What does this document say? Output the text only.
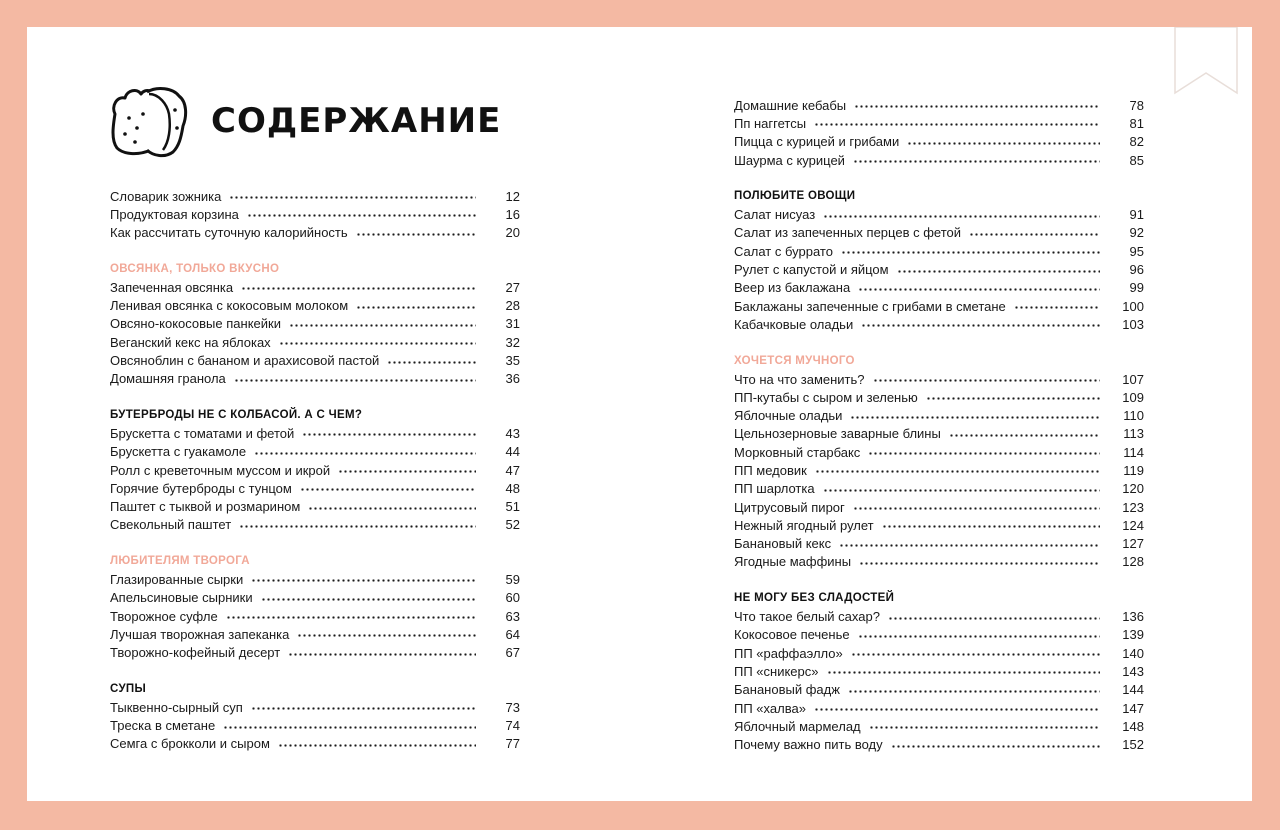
СОДЕРЖАНИЕ
Словарик зожника	12
Продуктовая корзина	16
Как рассчитать суточную калорийность	20
ОВСЯНКА, ТОЛЬКО ВКУСНО
Запеченная овсянка	27
Ленивая овсянка с кокосовым молоком	28
Овсяно-кокосовые панкейки	31
Веганский кекс на яблоках	32
Овсяноблин с бананом и арахисовой пастой	35
Домашняя гранола	36
БУТЕРБРОДЫ НЕ С КОЛБАСОЙ. А С ЧЕМ?
Брускетта с томатами и фетой	43
Брускетта с гуакамоле	44
Ролл с креветочным муссом и икрой	47
Горячие бутерброды с тунцом	48
Паштет с тыквой и розмарином	51
Свекольный паштет	52
ЛЮБИТЕЛЯМ ТВОРОГА
Глазированные сырки	59
Апельсиновые сырники	60
Творожное суфле	63
Лучшая творожная запеканка	64
Творожно-кофейный десерт	67
СУПЫ
Тыквенно-сырный суп	73
Треска в сметане	74
Семга с брокколи и сыром	77
Домашние кебабы	78
Пп наггетсы	81
Пицца с курицей и грибами	82
Шаурма с курицей	85
ПОЛЮБИТЕ ОВОЩИ
Салат нисуаз	91
Салат из запеченных перцев с фетой	92
Салат с буррато	95
Рулет с капустой и яйцом	96
Веер из баклажана	99
Баклажаны запеченные с грибами в сметане	100
Кабачковые оладьи	103
ХОЧЕТСЯ МУЧНОГО
Что на что заменить?	107
ПП-кутабы с сыром и зеленью	109
Яблочные оладьи	110
Цельнозерновые заварные блины	113
Морковный старбакс	114
ПП медовик	119
ПП шарлотка	120
Цитрусовый пирог	123
Нежный ягодный рулет	124
Банановый кекс	127
Ягодные маффины	128
НЕ МОГУ БЕЗ СЛАДОСТЕЙ
Что такое белый сахар?	136
Кокосовое печенье	139
ПП «раффаэлло»	140
ПП «сникерс»	143
Банановый фадж	144
ПП «халва»	147
Яблочный мармелад	148
Почему важно пить воду	152
